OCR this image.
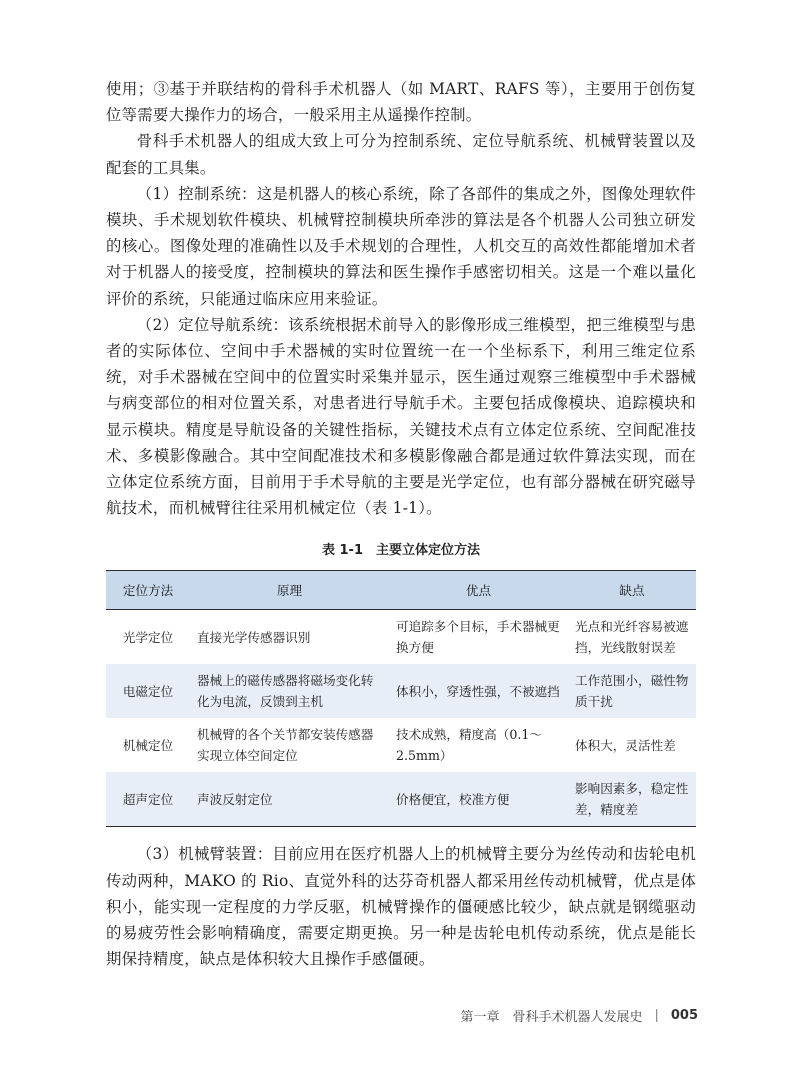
使用；③基于并联结构的骨科手术机器人（如 MART、RAFS 等），主要用于创伤复位等需要大操作力的场合，一般采用主从遥操作控制。

骨科手术机器人的组成大致上可分为控制系统、定位导航系统、机械臂装置以及配套的工具集。

（1）控制系统：这是机器人的核心系统，除了各部件的集成之外，图像处理软件模块、手术规划软件模块、机械臂控制模块所牵涉的算法是各个机器人公司独立研发的核心。图像处理的准确性以及手术规划的合理性，人机交互的高效性都能增加术者对于机器人的接受度，控制模块的算法和医生操作手感密切相关。这是一个难以量化评价的系统，只能通过临床应用来验证。

（2）定位导航系统：该系统根据术前导入的影像形成三维模型，把三维模型与患者的实际体位、空间中手术器械的实时位置统一在一个坐标系下，利用三维定位系统，对手术器械在空间中的位置实时采集并显示，医生通过观察三维模型中手术器械与病变部位的相对位置关系，对患者进行导航手术。主要包括成像模块、追踪模块和显示模块。精度是导航设备的关键性指标，关键技术点有立体定位系统、空间配准技术、多模影像融合。其中空间配准技术和多模影像融合都是通过软件算法实现，而在立体定位系统方面，目前用于手术导航的主要是光学定位，也有部分器械在研究磁导航技术，而机械臂往往采用机械定位（表 1-1）。

表 1-1　主要立体定位方法
定位方法	原理	优点	缺点
光学定位	直接光学传感器识别	可追踪多个目标，手术器械更换方便	光点和光纤容易被遮挡，光线散射误差
电磁定位	器械上的磁传感器将磁场变化转化为电流，反馈到主机	体积小，穿透性强，不被遮挡	工作范围小，磁性物质干扰
机械定位	机械臂的各个关节都安装传感器实现立体空间定位	技术成熟，精度高（0.1～2.5mm）	体积大，灵活性差
超声定位	声波反射定位	价格便宜，校准方便	影响因素多，稳定性差，精度差

（3）机械臂装置：目前应用在医疗机器人上的机械臂主要分为丝传动和齿轮电机传动两种，MAKO 的 Rio、直觉外科的达芬奇机器人都采用丝传动机械臂，优点是体积小，能实现一定程度的力学反驱，机械臂操作的僵硬感比较少，缺点就是钢缆驱动的易疲劳性会影响精确度，需要定期更换。另一种是齿轮电机传动系统，优点是能长期保持精度，缺点是体积较大且操作手感僵硬。

第一章　骨科手术机器人发展史 | 005
